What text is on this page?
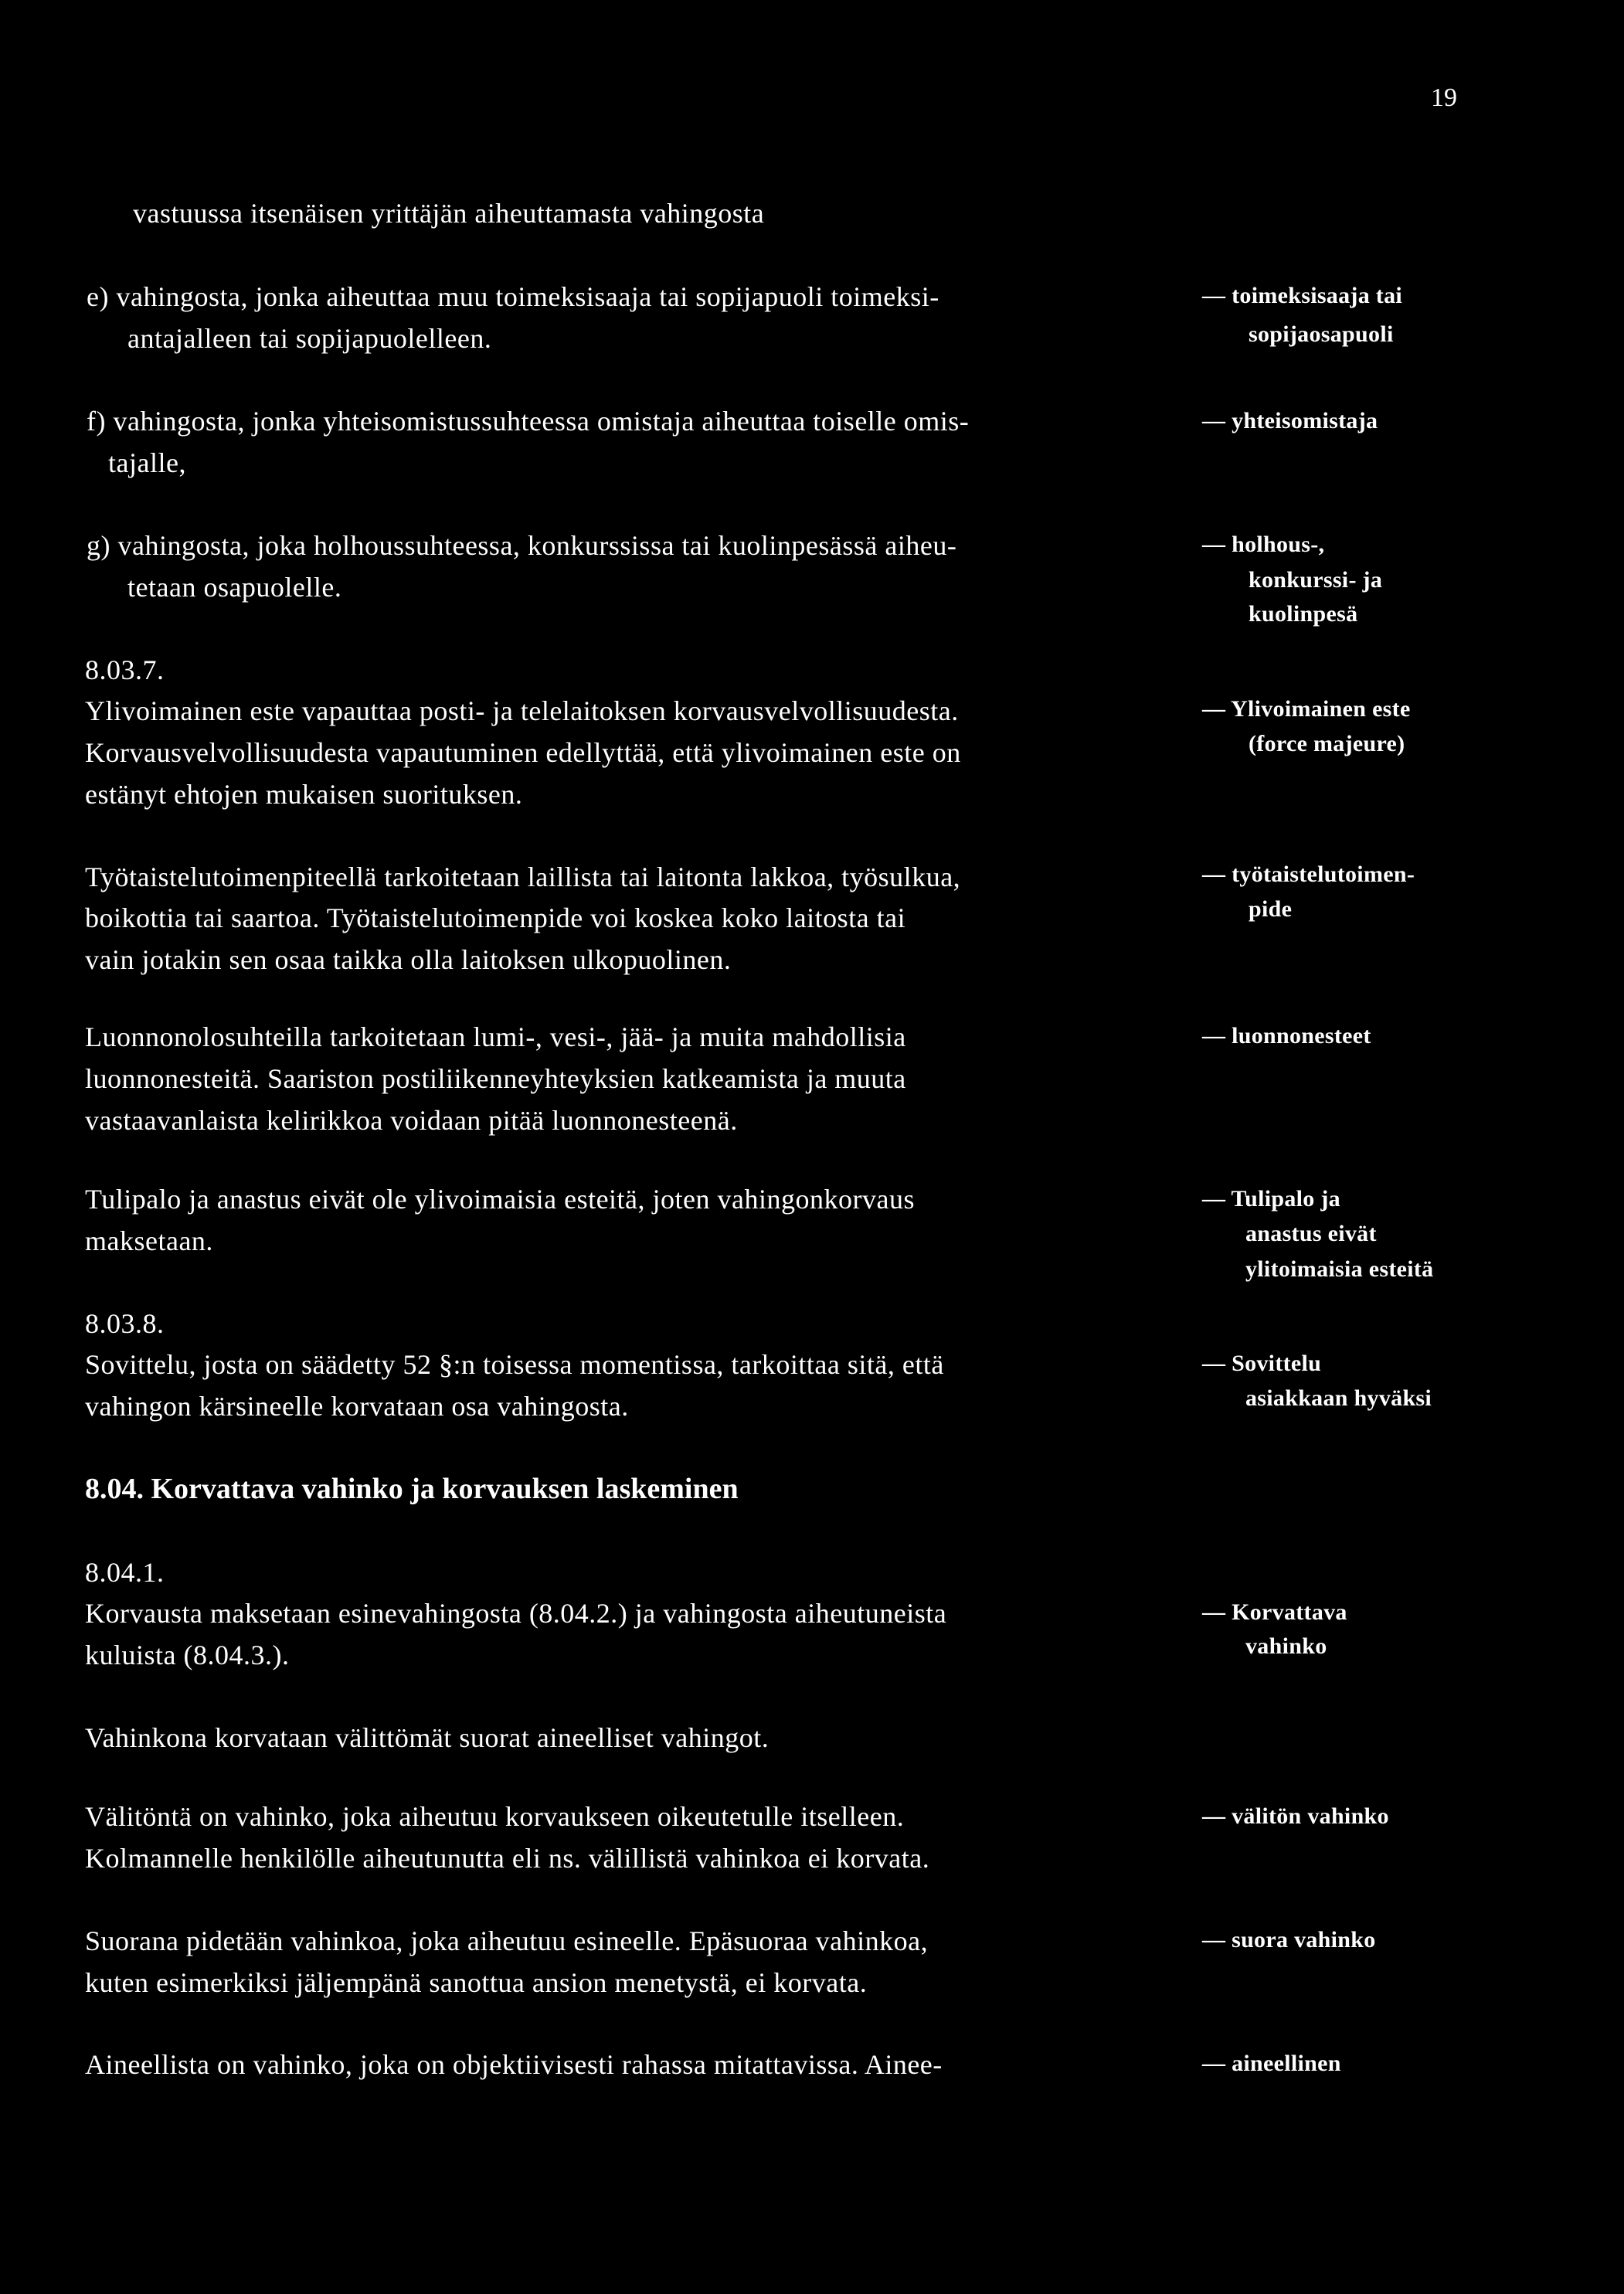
19

vastuussa itsenäisen yrittäjän aiheuttamasta vahingosta

e) vahingosta, jonka aiheuttaa muu toimeksisaaja tai sopijapuoli toimeksi-

antajalleen tai sopijapuolelleen.

f) vahingosta, jonka yhteisomistussuhteessa omistaja aiheuttaa toiselle omis-

tajalle,

g) vahingosta, joka holhoussuhteessa, konkurssissa tai kuolinpesässä aiheu-

tetaan osapuolelle.

8.03.7.

Ylivoimainen este vapauttaa posti- ja telelaitoksen korvausvelvollisuudesta.

Korvausvelvollisuudesta vapautuminen edellyttää, että ylivoimainen este on

estänyt ehtojen mukaisen suorituksen.

Työtaistelutoimenpiteellä tarkoitetaan laillista tai laitonta lakkoa, työsulkua,

boikottia tai saartoa. Työtaistelutoimenpide voi koskea koko laitosta tai

vain jotakin sen osaa taikka olla laitoksen ulkopuolinen.

Luonnonolosuhteilla tarkoitetaan lumi-, vesi-, jää- ja muita mahdollisia

luonnonesteitä. Saariston postiliikenneyhteyksien katkeamista ja muuta

vastaavanlaista kelirikkoa voidaan pitää luonnonesteenä.

Tulipalo ja anastus eivät ole ylivoimaisia esteitä, joten vahingonkorvaus

maksetaan.

8.03.8.

Sovittelu, josta on säädetty 52 §:n toisessa momentissa, tarkoittaa sitä, että

vahingon kärsineelle korvataan osa vahingosta.

8.04. Korvattava vahinko ja korvauksen laskeminen

8.04.1.

Korvausta maksetaan esinevahingosta (8.04.2.) ja vahingosta aiheutuneista

kuluista (8.04.3.).

Vahinkona korvataan välittömät suorat aineelliset vahingot.

Välitöntä on vahinko, joka aiheutuu korvaukseen oikeutetulle itselleen.

Kolmannelle henkilölle aiheutunutta eli ns. välillistä vahinkoa ei korvata.

Suorana pidetään vahinkoa, joka aiheutuu esineelle. Epäsuoraa vahinkoa,

kuten esimerkiksi jäljempänä sanottua ansion menetystä, ei korvata.

Aineellista on vahinko, joka on objektiivisesti rahassa mitattavissa. Ainee-

— toimeksisaaja tai

sopijaosapuoli

— yhteisomistaja

— holhous-,

konkurssi- ja

kuolinpesä

— Ylivoimainen este

(force majeure)

— työtaistelutoimen-

pide

— luonnonesteet

— Tulipalo ja

anastus eivät

ylitoimaisia esteitä

— Sovittelu

asiakkaan hyväksi

— Korvattava

vahinko

— välitön vahinko

— suora vahinko

— aineellinen
